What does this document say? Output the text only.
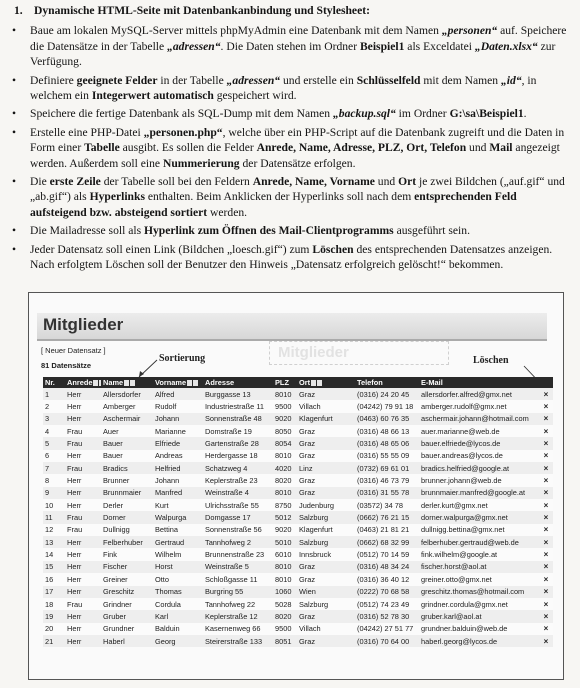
1. Dynamische HTML-Seite mit Datenbankanbindung und Stylesheet:
• Baue am lokalen MySQL-Server mittels phpMyAdmin eine Datenbank mit dem Namen „personen“ auf. Speichere die Datensätze in der Tabelle „adressen“. Die Daten stehen im Ordner Beispiel1 als Exceldatei „Daten.xlsx“ zur Verfügung.
• Definiere geeignete Felder in der Tabelle „adressen“ und erstelle ein Schlüsselfeld mit dem Namen „id“, in welchem ein Integerwert automatisch gespeichert wird.
• Speichere die fertige Datenbank als SQL-Dump mit dem Namen „backup.sql“ im Ordner G:\sa\Beispiel1.
• Erstelle eine PHP-Datei „personen.php“, welche über ein PHP-Script auf die Datenbank zugreift und die Daten in Form einer Tabelle ausgibt. Es sollen die Felder Anrede, Name, Adresse, PLZ, Ort, Telefon und Mail angezeigt werden. Außerdem soll eine Nummerierung der Datensätze erfolgen.
• Die erste Zeile der Tabelle soll bei den Feldern Anrede, Name, Vorname und Ort je zwei Bildchen („auf.gif“ und „ab.gif“) als Hyperlinks enthalten. Beim Anklicken der Hyperlinks soll nach dem entsprechenden Feld aufsteigend bzw. absteigend sortiert werden.
• Die Mailadresse soll als Hyperlink zum Öffnen des Mail-Clientprogramms ausgeführt sein.
• Jeder Datensatz soll einen Link (Bildchen „loesch.gif“) zum Löschen des entsprechenden Datensatzes anzeigen. Nach erfolgtem Löschen soll der Benutzer den Hinweis „Datensatz erfolgreich gelöscht!“ bekommen.
Mitglieder
Mitglieder
[ Neuer Datensatz ]
81 Datensätze
Sortierung	Löschen
Nr.	Anrede	Name	Vorname	Adresse	PLZ	Ort	Telefon	E-Mail	
1	Herr	Allersdorfer	Alfred	Burggasse 13	8010	Graz	(0316) 24 20 45	allersdorfer.alfred@gmx.net	×
2	Herr	Amberger	Rudolf	Industriestraße 11	9500	Villach	(04242) 79 91 18	amberger.rudolf@gmx.net	×
3	Herr	Aschermair	Johann	Sonnenstraße 48	9020	Klagenfurt	(0463) 60 76 35	aschermair.johann@hotmail.com	×
4	Frau	Auer	Marianne	Domstraße 19	8050	Graz	(0316) 48 66 13	auer.marianne@web.de	×
5	Frau	Bauer	Elfriede	Gartenstraße 28	8054	Graz	(0316) 48 65 06	bauer.elfriede@lycos.de	×
6	Herr	Bauer	Andreas	Herdergasse 18	8010	Graz	(0316) 55 55 09	bauer.andreas@lycos.de	×
7	Frau	Bradics	Helfried	Schatzweg 4	4020	Linz	(0732) 69 61 01	bradics.helfried@google.at	×
8	Herr	Brunner	Johann	Keplerstraße 23	8020	Graz	(0316) 46 73 79	brunner.johann@web.de	×
9	Herr	Brunnmaier	Manfred	Weinstraße 4	8010	Graz	(0316) 31 55 78	brunnmaier.manfred@google.at	×
10	Herr	Derler	Kurt	Ulrichsstraße 55	8750	Judenburg	(03572) 34 78	derler.kurt@gmx.net	×
11	Frau	Dorner	Walpurga	Domgasse 17	5012	Salzburg	(0662) 76 21 15	dorner.walpurga@gmx.net	×
12	Frau	Dullnigg	Bettina	Sonnenstraße 56	9020	Klagenfurt	(0463) 21 81 21	dullnigg.bettina@gmx.net	×
13	Herr	Felberhuber	Gertraud	Tannhofweg 2	5010	Salzburg	(0662) 68 32 99	felberhuber.gertraud@web.de	×
14	Herr	Fink	Wilhelm	Brunnenstraße 23	6010	Innsbruck	(0512) 70 14 59	fink.wilhelm@google.at	×
15	Herr	Fischer	Horst	Weinstraße 5	8010	Graz	(0316) 48 34 24	fischer.horst@aol.at	×
16	Herr	Greiner	Otto	Schloßgasse 11	8010	Graz	(0316) 36 40 12	greiner.otto@gmx.net	×
17	Herr	Greschitz	Thomas	Burgring 55	1060	Wien	(0222) 70 68 58	greschitz.thomas@hotmail.com	×
18	Frau	Grindner	Cordula	Tannhofweg 22	5028	Salzburg	(0512) 74 23 49	grindner.cordula@gmx.net	×
19	Herr	Gruber	Karl	Keplerstraße 12	8020	Graz	(0316) 52 78 30	gruber.karl@aol.at	×
20	Herr	Grundner	Balduin	Kasernenweg 66	9500	Villach	(04242) 27 51 77	grundner.balduin@web.de	×
21	Herr	Haberl	Georg	Steirerstraße 133	8051	Graz	(0316) 70 64 00	haberl.georg@lycos.de	×
